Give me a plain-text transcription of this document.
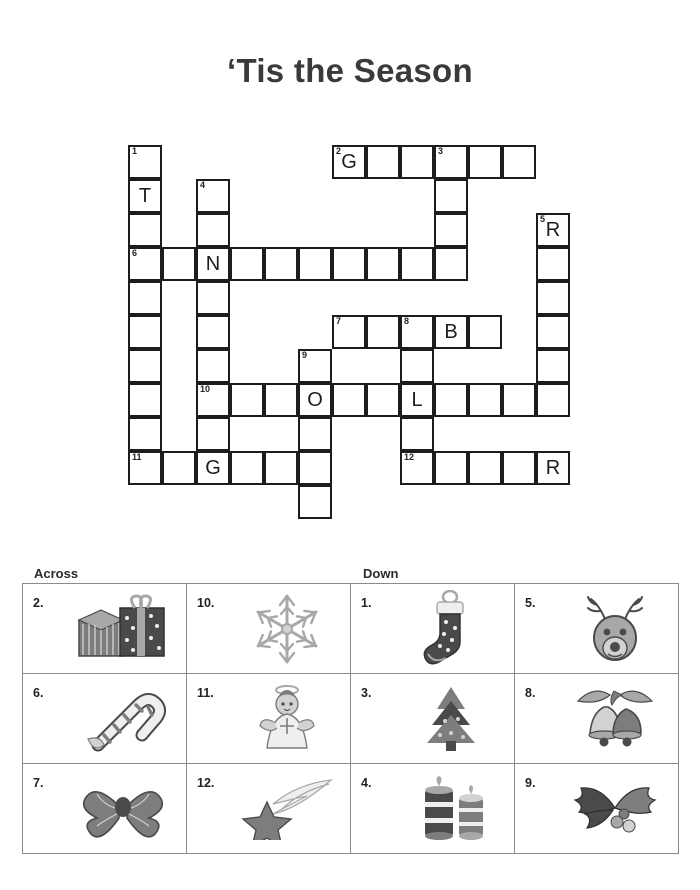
‘Tis the Season
1	2 G	3
T	4
5 R
6	N
7	8	B
9
10	O	L
11	G	12	R
Across	Down
2.	10.	1.	5.

6.	11.	3.	8.

7.	12.	4.	9.
